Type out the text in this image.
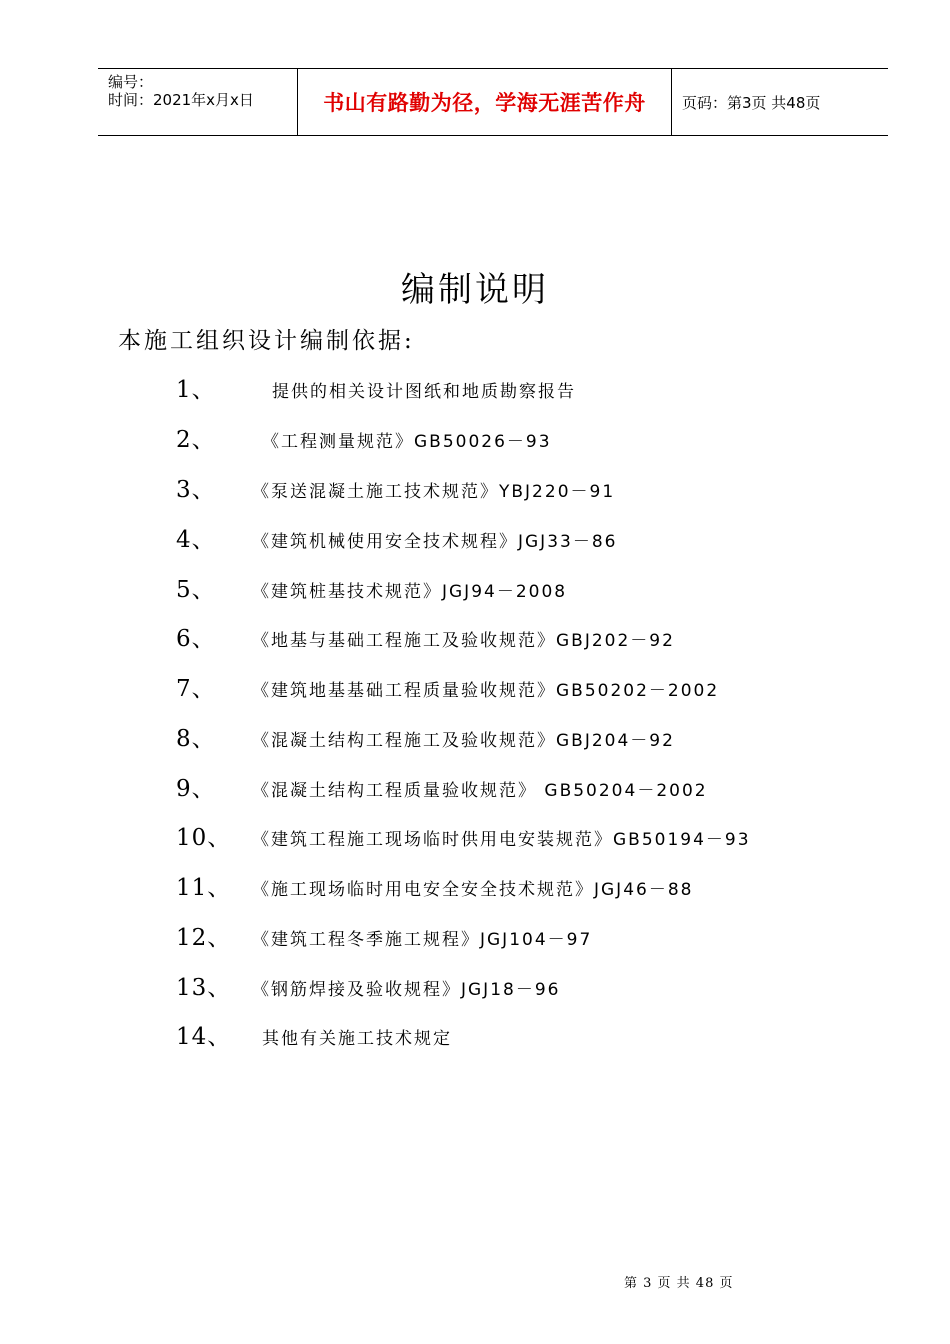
编号：
时间：2021年x月x日	书山有路勤为径，学海无涯苦作舟	页码：第3页 共48页
编制说明
本施工组织设计编制依据:
1、	提供的相关设计图纸和地质勘察报告
2、	《工程测量规范》GB50026－93
3、 《泵送混凝土施工技术规范》YBJ220－91
4、 《建筑机械使用安全技术规程》JGJ33－86
5、 《建筑桩基技术规范》JGJ94－2008
6、 《地基与基础工程施工及验收规范》GBJ202－92
7、 《建筑地基基础工程质量验收规范》GB50202－2002
8、 《混凝土结构工程施工及验收规范》GBJ204－92
9、 《混凝土结构工程质量验收规范》 GB50204－2002
10、 《建筑工程施工现场临时供用电安装规范》GB50194－93
11、 《施工现场临时用电安全安全技术规范》JGJ46－88
12、 《建筑工程冬季施工规程》JGJ104－97
13、 《钢筋焊接及验收规程》JGJ18－96
14、 其他有关施工技术规定
第 3 页 共 48 页
